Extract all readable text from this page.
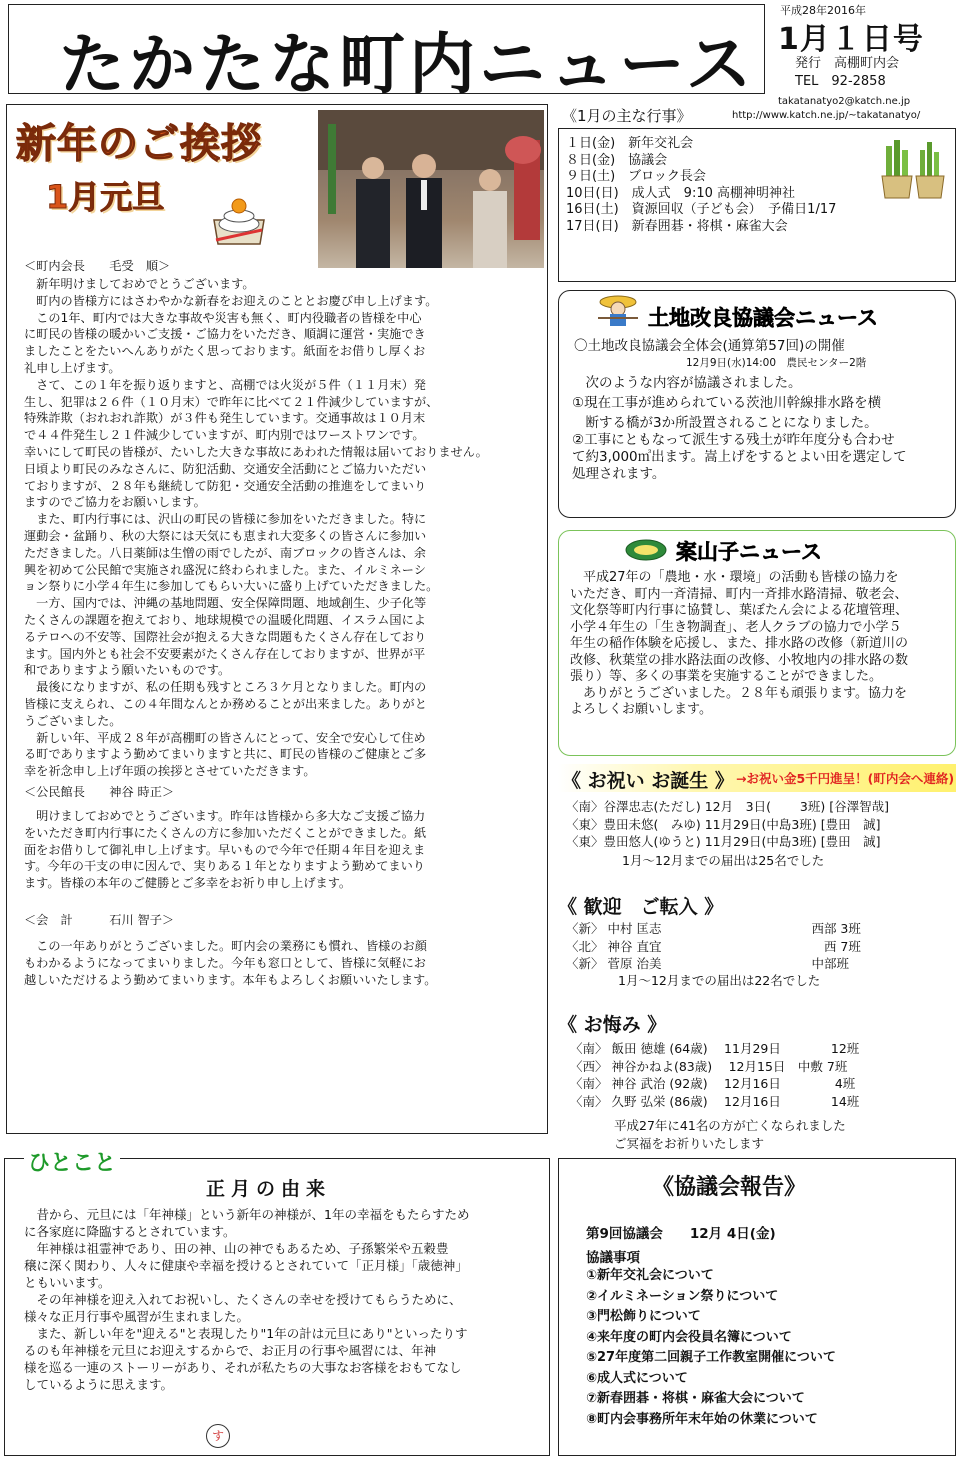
たかたな町内ニュース
平成28年2016年
1月１日号
発行　高棚町内会
TEL　92-2858
takatanatyo2@katch.ne.jp
http://www.katch.ne.jp/~takatanatyo/
新年のご挨拶
1月元旦
＜町内会長　　毛受　順＞
　新年明けましておめでとうございます。
　町内の皆様方にはさわやかな新春をお迎えのこととお慶び申し上げます。
　この1年、町内では大きな事故や災害も無く、町内役職者の皆様を中心
に町民の皆様の暖かいご支援・ご協力をいただき、順調に運営・実施でき
ましたことをたいへんありがたく思っております。紙面をお借りし厚くお
礼申し上げます。
　さて、この１年を振り返りますと、高棚では火災が５件（１１月末）発
生し、犯罪は２６件（１０月末）で昨年に比べて２１件減少していますが、
特殊詐欺（おれおれ詐欺）が３件も発生しています。交通事故は１０月末
で４４件発生し２１件減少していますが、町内別ではワーストワンです。
幸いにして町民の皆様が、たいした大きな事故にあわれた情報は届いておりません。
日頃より町民のみなさんに、防犯活動、交通安全活動にとご協力いただい
ておりますが、２８年も継続して防犯・交通安全活動の推進をしてまいり
ますのでご協力をお願いします。
　また、町内行事には、沢山の町民の皆様に参加をいただきました。特に
運動会・盆踊り、秋の大祭には天気にも恵まれ大変多くの皆さんに参加い
ただきました。八日薬師は生憎の雨でしたが、南ブロックの皆さんは、余
興を初めて公民館で実施され盛況に終わられました。また、イルミネーシ
ョン祭りに小学４年生に参加してもらい大いに盛り上げていただきました。
　一方、国内では、沖縄の基地問題、安全保障問題、地域創生、少子化等
たくさんの課題を抱えており、地球規模での温暖化問題、イスラム国によ
るテロへの不安等、国際社会が抱える大きな問題もたくさん存在しており
ます。国内外とも社会不安要素がたくさん存在しておりますが、世界が平
和でありますよう願いたいものです。
　最後になりますが、私の任期も残すところ３ケ月となりました。町内の
皆様に支えられ、この４年間なんとか務めることが出来ました。ありがと
うございました。
　新しい年、平成２８年が高棚町の皆さんにとって、安全で安心して住め
る町でありますよう勤めてまいりますと共に、町民の皆様のご健康とご多
幸を祈念申し上げ年頭の挨拶とさせていただきます。
＜公民館長　　神谷 時正＞
　明けましておめでとうございます。昨年は皆様から多大なご支援ご協力
をいただき町内行事にたくさんの方に参加いただくことができました。紙
面をお借りして御礼申し上げます。早いもので今年で任期４年目を迎えま
す。今年の干支の申に因んで、実りある１年となりますよう勤めてまいり
ます。皆様の本年のご健勝とご多幸をお祈り申し上げます。
＜会　計　　　石川 智子＞
　この一年ありがとうございました。町内会の業務にも慣れ、皆様のお顔
もわかるようになってまいりました。今年も窓口として、皆様に気軽にお
越しいただけるよう勤めてまいります。本年もよろしくお願いいたします。
《1月の主な行事》
１日(金)　新年交礼会
８日(金)　協議会
９日(土)　ブロック長会
10日(日)　成人式　9:10 高棚神明神社
16日(土)　資源回収（子ども会）　予備日1/17
17日(日)　新春囲碁・将棋・麻雀大会
土地改良協議会ニュース
〇土地改良協議会全体会(通算第57回)の開催
12月9日(水)14:00　農民センター2階
　次のような内容が協議されました。
①現在工事が進められている茨池川幹線排水路を横
　断する橋が3か所設置されることになりました。
②工事にともなって派生する残土が昨年度分も合わせ
て約3,000㎥出ます。嵩上げをするとよい田を選定して
処理されます。
案山子ニュース
　平成27年の「農地・水・環境」の活動も皆様の協力を
いただき、町内一斉清掃、町内一斉排水路清掃、敬老会、
文化祭等町内行事に協賛し、葉ぼたん会による花壇管理、
小学４年生の「生き物調査」、老人クラブの協力で小学５
年生の稲作体験を応援し、また、排水路の改修（新道川の
改修、秋葉堂の排水路法面の改修、小牧地内の排水路の数
張り）等、多くの事業を実施することができました。
　ありがとうございました。２８年も頑張ります。協力を
よろしくお願いします。
《 お祝い お誕生 》 →お祝い金5千円進呈！(町内会へ連絡)
〈南〉谷澤忠志(ただし) 12月　3日(　　 3班) [谷澤智哉]
〈東〉豊田未悠(　みゆ) 11月29日(中島3班) [豊田　誠]
〈東〉豊田悠人(ゆうと) 11月29日(中島3班) [豊田　誠]
1月～12月までの届出は25名でした
《 歓迎　ご転入 》
〈新〉 中村 匡志　　　　　　　　　　　　西部 3班
〈北〉 神谷 直宜　　　　　　　　　　　　　西 7班
〈新〉 菅原 治美　　　　　　　　　　　　中部班
1月～12月までの届出は22名でした
《 お悔み 》
〈南〉 飯田 徳雄 (64歳)　 11月29日　　　　12班
〈西〉 神谷かねよ(83歳)　 12月15日　中敷 7班
〈南〉 神谷 武治 (92歳)　 12月16日　　　　 4班
〈南〉 久野 弘栄 (86歳)　 12月16日　　　　14班
平成27年に41名の方が亡くなられました
ご冥福をお祈りいたします
ひとこと
正月の由来
　昔から、元旦には「年神様」という新年の神様が、1年の幸福をもたらすため
に各家庭に降臨するとされています。
　年神様は祖霊神であり、田の神、山の神でもあるため、子孫繁栄や五穀豊
穣に深く関わり、人々に健康や幸福を授けるとされていて「正月様」「歳徳神」
ともいいます。
　その年神様を迎え入れてお祝いし、たくさんの幸せを授けてもらうために、
様々な正月行事や風習が生まれました。
　また、新しい年を"迎える"と表現したり"1年の計は元旦にあり"といったりす
るのも年神様を元旦にお迎えするからで、お正月の行事や風習には、年神
様を巡る一連のストーリーがあり、それが私たちの大事なお客様をおもてなし
しているように思えます。
す
《協議会報告》
第9回協議会　　12月 4日(金)
協議事項
①新年交礼会について
②イルミネーション祭りについて
③門松飾りについて
④来年度の町内会役員名簿について
⑤27年度第二回親子工作教室開催について
⑥成人式について
⑦新春囲碁・将棋・麻雀大会について
⑧町内会事務所年末年始の休業について
